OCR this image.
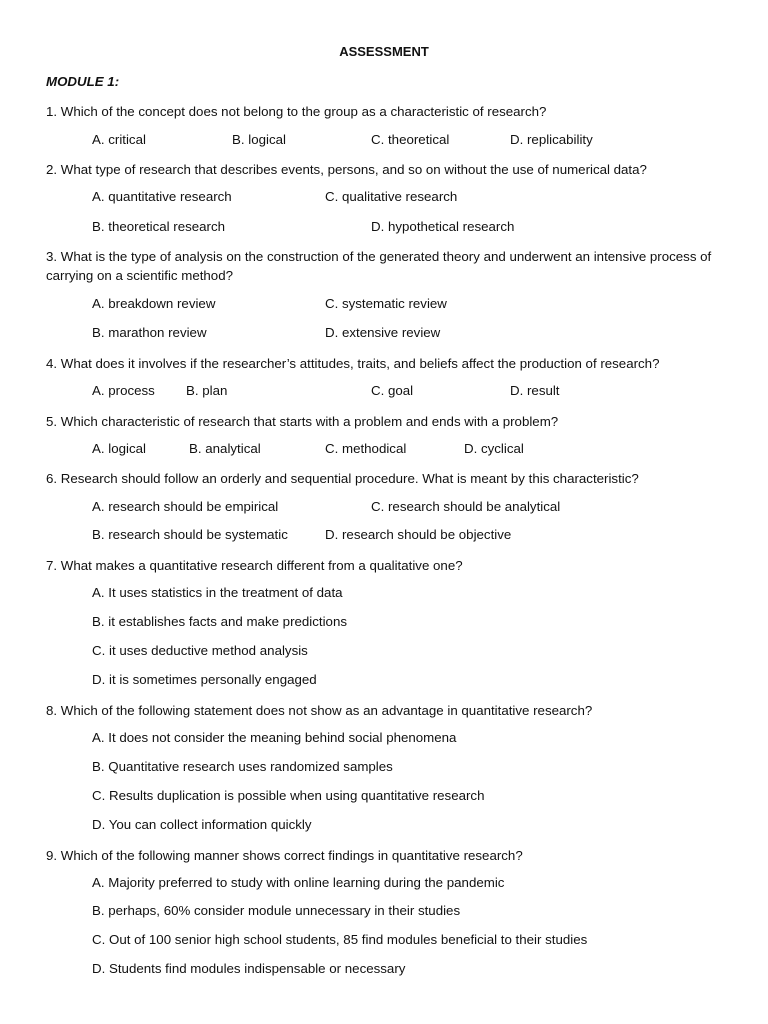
ASSESSMENT
MODULE 1:
1. Which of the concept does not belong to the group as a characteristic of research?
A. critical	B. logical	C. theoretical	D. replicability
2. What type of research that describes events, persons, and so on without the use of numerical data?
A. quantitative research	C. qualitative research
B. theoretical research	D. hypothetical research
3. What is the type of analysis on the construction of the generated theory and underwent an intensive process of carrying on a scientific method?
A. breakdown review	C. systematic review
B. marathon review	D. extensive review
4. What does it involves if the researcher’s attitudes, traits, and beliefs affect the production of research?
A. process B. plan	C. goal	D. result
5. Which characteristic of research that starts with a problem and ends with a problem?
A. logical	B. analytical	C. methodical	D. cyclical
6. Research should follow an orderly and sequential procedure. What is meant by this characteristic?
A. research should be empirical	C. research should be analytical
B. research should be systematic	D. research should be objective
7. What makes a quantitative research different from a qualitative one?
A. It uses statistics in the treatment of data
B. it establishes facts and make predictions
C. it uses deductive method analysis
D. it is sometimes personally engaged
8. Which of the following statement does not show as an advantage in quantitative research?
A. It does not consider the meaning behind social phenomena
B. Quantitative research uses randomized samples
C. Results duplication is possible when using quantitative research
D. You can collect information quickly
9. Which of the following manner shows correct findings in quantitative research?
A. Majority preferred to study with online learning during the pandemic
B. perhaps, 60% consider module unnecessary in their studies
C. Out of 100 senior high school students, 85 find modules beneficial to their studies
D. Students find modules indispensable or necessary
